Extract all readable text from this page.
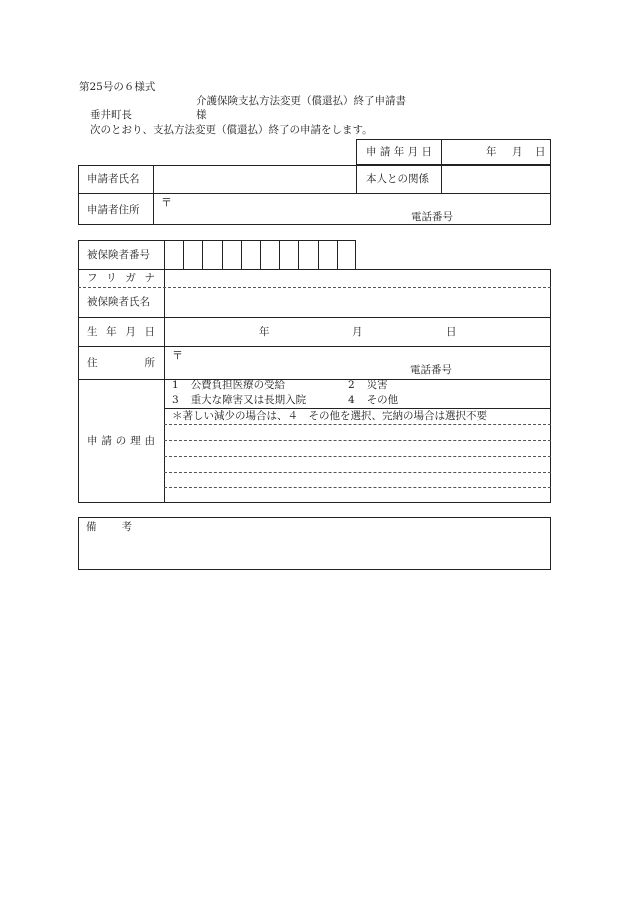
第25号の６様式
介護保険支払方法変更（償還払）終了申請書
垂井町長	様
次のとおり、支払方法変更（償還払）終了の申請をします。
申 請 年 月 日	年 月 日
申請者氏名	本人との関係
申請者住所
〒
電話番号
被保険者番号
フ リ ガ ナ
被保険者氏名
生 年 月 日	年	月	日
住	所
〒
電話番号
申 請 の 理 由
1 公費負担医療の受給	2 災害
3 重大な障害又は長期入院	4 その他
＊著しい減少の場合は、４　その他を選択、完納の場合は選択不要
備 考
